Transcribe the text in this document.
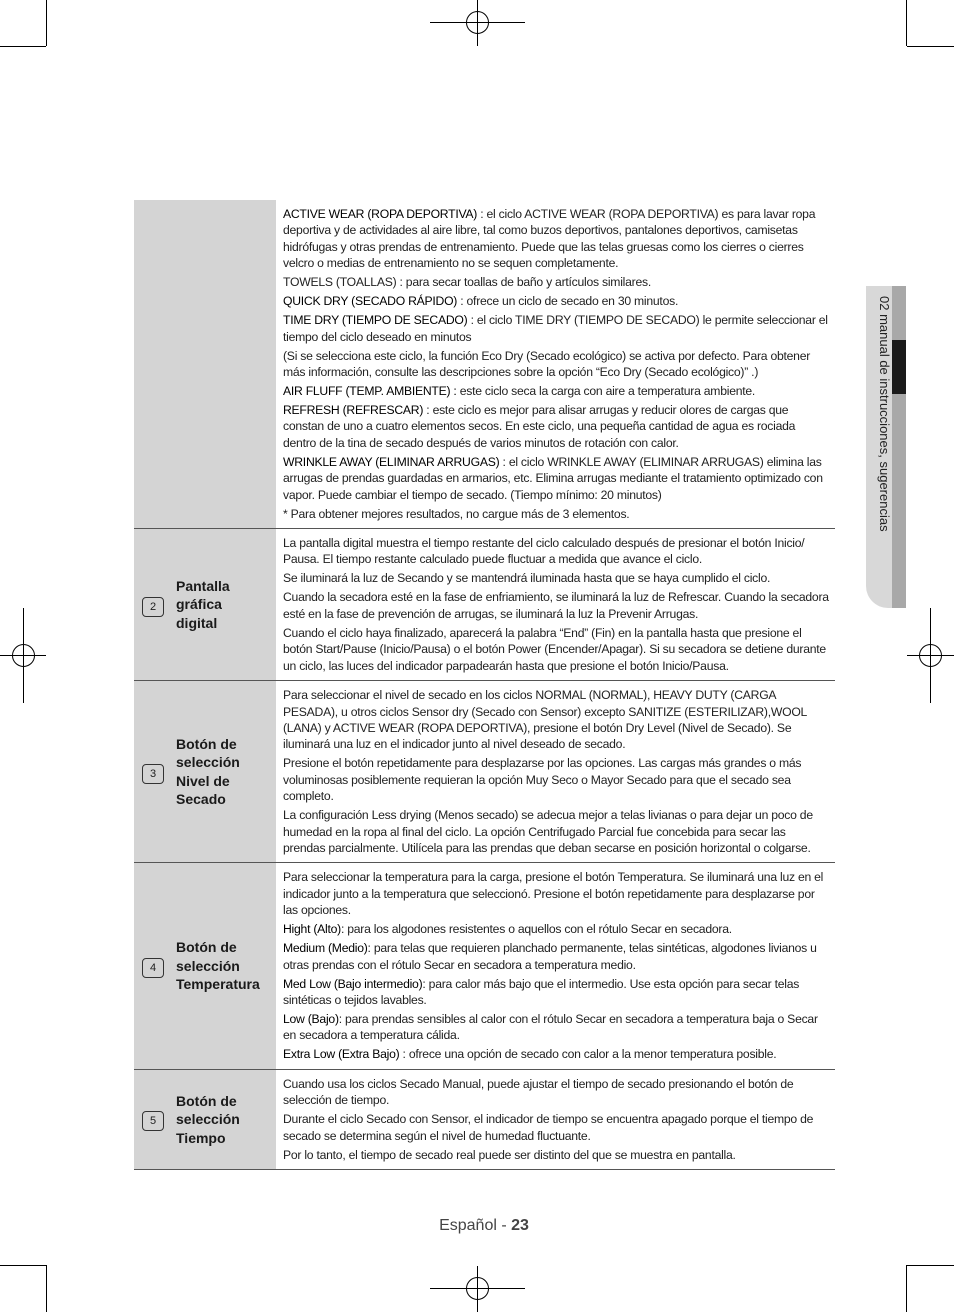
02 manual de instrucciones, sugerencias

ACTIVE WEAR (ROPA DEPORTIVA) : el ciclo ACTIVE WEAR (ROPA DEPORTIVA) es para lavar ropa deportiva y de actividades al aire libre, tal como buzos deportivos, pantalones deportivos, camisetas hidrófugas y otras prendas de entrenamiento. Puede que las telas gruesas como los cierres o cierres velcro o medias de entrenamiento no se sequen completamente.

TOWELS (TOALLAS) : para secar toallas de baño y artículos similares.

QUICK DRY (SECADO RÁPIDO) : ofrece un ciclo de secado en 30 minutos.

TIME DRY (TIEMPO DE SECADO) : el ciclo TIME DRY (TIEMPO DE SECADO) le permite seleccionar el tiempo del ciclo deseado en minutos

(Si se selecciona este ciclo, la función Eco Dry (Secado ecológico) se activa por defecto. Para obtener más información, consulte las descripciones sobre la opción “Eco Dry (Secado ecológico)” .)

AIR FLUFF (TEMP. AMBIENTE) : este ciclo seca la carga con aire a temperatura ambiente.

REFRESH (REFRESCAR) : este ciclo es mejor para alisar arrugas y reducir olores de cargas que constan de uno a cuatro elementos secos. En este ciclo, una pequeña cantidad de agua es rociada dentro de la tina de secado después de varios minutos de rotación con calor.

WRINKLE AWAY (ELIMINAR ARRUGAS) : el ciclo WRINKLE AWAY (ELIMINAR ARRUGAS) elimina las arrugas de prendas guardadas en armarios, etc. Elimina arrugas mediante el tratamiento optimizado con vapor. Puede cambiar el tiempo de secado. (Tiempo mínimo: 20 minutos)

* Para obtener mejores resultados, no cargue más de 3 elementos.

2
Pantalla
gráfica
digital

La pantalla digital muestra el tiempo restante del ciclo calculado después de presionar el botón Inicio/ Pausa. El tiempo restante calculado puede fluctuar a medida que avance el ciclo.

Se iluminará la luz de Secando y se mantendrá iluminada hasta que se haya cumplido el ciclo.

Cuando la secadora esté en la fase de enfriamiento, se iluminará la luz de Refrescar. Cuando la secadora esté en la fase de prevención de arrugas, se iluminará la luz la Prevenir Arrugas.

Cuando el ciclo haya finalizado, aparecerá la palabra “End” (Fin) en la pantalla hasta que presione el botón Start/Pause (Inicio/Pausa) o el botón Power (Encender/Apagar). Si su secadora se detiene durante un ciclo, las luces del indicador parpadearán hasta que presione el botón Inicio/Pausa.

3
Botón de
selección
Nivel de
Secado

Para seleccionar el nivel de secado en los ciclos NORMAL (NORMAL), HEAVY DUTY (CARGA PESADA), u otros ciclos Sensor dry (Secado con Sensor) excepto SANITIZE (ESTERILIZAR),WOOL (LANA) y ACTIVE WEAR (ROPA DEPORTIVA), presione el botón Dry Level (Nivel de Secado). Se iluminará una luz en el indicador junto al nivel deseado de secado.

Presione el botón repetidamente para desplazarse por las opciones. Las cargas más grandes o más voluminosas posiblemente requieran la opción Muy Seco o Mayor Secado para que el secado sea completo.

La configuración Less drying (Menos secado) se adecua mejor a telas livianas o para dejar un poco de humedad en la ropa al final del ciclo. La opción Centrifugado Parcial fue concebida para secar las prendas parcialmente. Utilícela para las prendas que deban secarse en posición horizontal o colgarse.

4
Botón de
selección
Temperatura

Para seleccionar la temperatura para la carga, presione el botón Temperatura. Se iluminará una luz en el indicador junto a la temperatura que seleccionó. Presione el botón repetidamente para desplazarse por las opciones.

Hight (Alto): para los algodones resistentes o aquellos con el rótulo Secar en secadora.

Medium (Medio): para telas que requieren planchado permanente, telas sintéticas, algodones livianos u otras prendas con el rótulo Secar en secadora a temperatura medio.

Med Low (Bajo intermedio): para calor más bajo que el intermedio. Use esta opción para secar telas sintéticas o tejidos lavables.

Low (Bajo): para prendas sensibles al calor con el rótulo Secar en secadora a temperatura baja o Secar en secadora a temperatura cálida.

Extra Low (Extra Bajo) : ofrece una opción de secado con calor a la menor temperatura posible.

5
Botón de
selección
Tiempo

Cuando usa los ciclos Secado Manual, puede ajustar el tiempo de secado presionando el botón de selección de tiempo.

Durante el ciclo Secado con Sensor, el indicador de tiempo se encuentra apagado porque el tiempo de secado se determina según el nivel de humedad fluctuante.

Por lo tanto, el tiempo de secado real puede ser distinto del que se muestra en pantalla.

Español - 23
